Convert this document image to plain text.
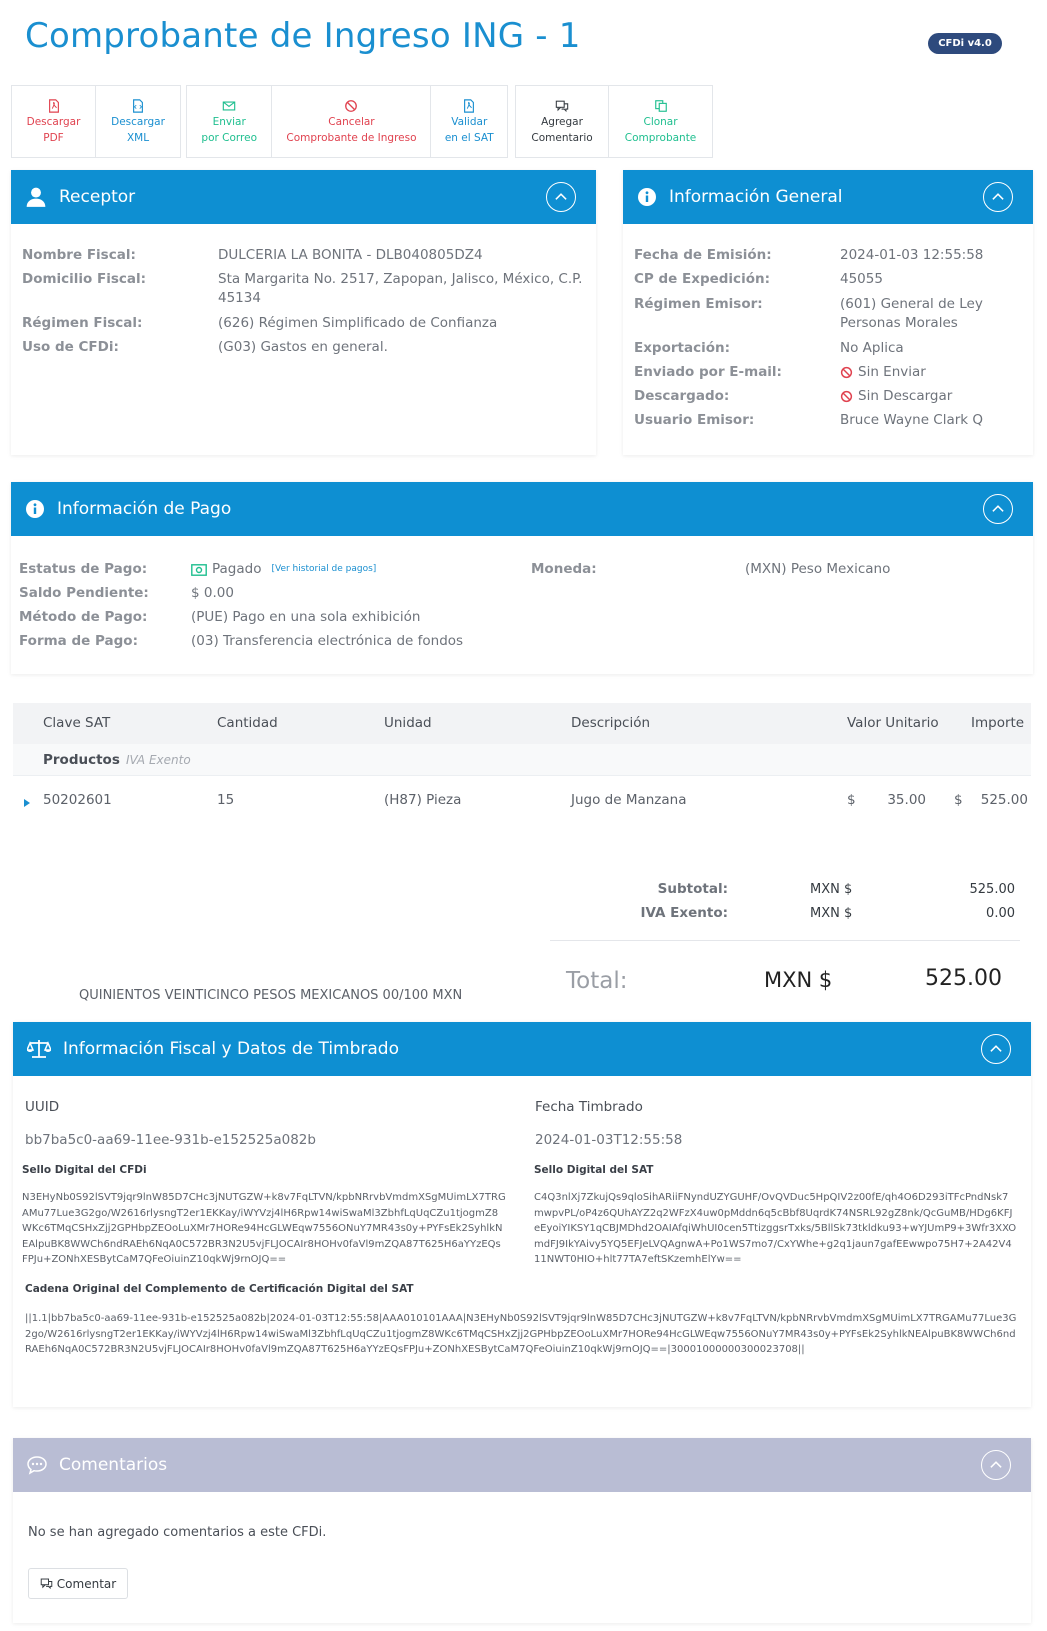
Comprobante de Ingreso ING - 1	CFDi v4.0
Descargar
PDF
Descargar
XML
Enviar
por Correo
Cancelar
Comprobante de Ingreso
Validar
en el SAT
Agregar
Comentario
Clonar
Comprobante
Receptor
Nombre Fiscal:	DULCERIA LA BONITA - DLB040805DZ4
Domicilio Fiscal:	Sta Margarita No. 2517, Zapopan, Jalisco, México, C.P.
45134
Régimen Fiscal:	(626) Régimen Simplificado de Confianza
Uso de CFDi:	(G03) Gastos en general.
Información General
Fecha de Emisión:	2024-01-03 12:55:58
CP de Expedición:	45055
Régimen Emisor:	(601) General de Ley
Personas Morales
Exportación:	No Aplica
Enviado por E-mail:	Sin Enviar
Descargado:	Sin Descargar
Usuario Emisor:	Bruce Wayne Clark Q
Información de Pago
Estatus de Pago:	Pagado [Ver historial de pagos]
Saldo Pendiente:	$ 0.00
Método de Pago:	(PUE) Pago en una sola exhibición
Forma de Pago:	(03) Transferencia electrónica de fondos
Moneda:	(MXN) Peso Mexicano
Clave SAT	Cantidad	Unidad	Descripción	Valor Unitario Importe
Productos IVA Exento
50202601	15	(H87) Pieza	Jugo de Manzana	$	35.00 $	525.00
Subtotal:	MXN $	525.00
IVA Exento:	MXN $	0.00
Total:	MXN $	525.00
QUINIENTOS VEINTICINCO PESOS MEXICANOS 00/100 MXN
Información Fiscal y Datos de Timbrado
UUID
bb7ba5c0-aa69-11ee-931b-e152525a082b
Fecha Timbrado
2024-01-03T12:55:58
Sello Digital del CFDi
N3EHyNb0S92lSVT9jqr9lnW85D7CHc3jNUTGZW+k8v7FqLTVN/kpbNRrvbVmdmXSgMUimLX7TRGAMu77Lue3G2go/W2616rlysngT2er1EKKay/iWYVzj4lH6Rpw14wiSwaMl3ZbhfLqUqCZu1tjogmZ8WKc6TMqCSHxZjj2GPHbpZEOoLuXMr7HORe94HcGLWEqw7556ONuY7MR43s0y+PYFsEk2SyhlkNEAlpuBK8WWCh6ndRAEh6NqA0C572BR3N2U5vjFLJOCAIr8HOHv0faVl9mZQA87T625H6aYYzEQsFPJu+ZONhXESBytCaM7QFeOiuinZ10qkWj9rnOJQ==
Sello Digital del SAT
C4Q3nlXj7ZkujQs9qloSihARiiFNyndUZYGUHF/OvQVDuc5HpQIV2z00fE/qh4O6D293iTFcPndNsk7mwpvPL/oP4z6QUhAYZ2q2WFzX4uw0pMddn6q5cBbf8UqrdK74NSRL92gZ8nk/QcGuMB/HDg6KFJeEyoiYIKSY1qCBJMDhd2OAIAfqiWhUI0cen5TtizggsrTxks/5BllSk73tkldku93+wYJUmP9+3Wfr3XXOmdFJ9IkYAivy5YQ5EFJeLVQAgnwA+Po1WS7mo7/CxYWhe+g2q1jaun7gafEEwwpo75H7+2A42V411NWT0HIO+hlt77TA7eftSKzemhElYw==
Cadena Original del Complemento de Certificación Digital del SAT
||1.1|bb7ba5c0-aa69-11ee-931b-e152525a082b|2024-01-03T12:55:58|AAA010101AAA|N3EHyNb0S92lSVT9jqr9lnW85D7CHc3jNUTGZW+k8v7FqLTVN/kpbNRrvbVmdmXSgMUimLX7TRGAMu77Lue3G2go/W2616rlysngT2er1EKKay/iWYVzj4lH6Rpw14wiSwaMl3ZbhfLqUqCZu1tjogmZ8WKc6TMqCSHxZjj2GPHbpZEOoLuXMr7HORe94HcGLWEqw7556ONuY7MR43s0y+PYFsEk2SyhlkNEAlpuBK8WWCh6ndRAEh6NqA0C572BR3N2U5vjFLJOCAIr8HOHv0faVl9mZQA87T625H6aYYzEQsFPJu+ZONhXESBytCaM7QFeOiuinZ10qkWj9rnOJQ==|30001000000300023708||
Comentarios
No se han agregado comentarios a este CFDi.
Comentar
